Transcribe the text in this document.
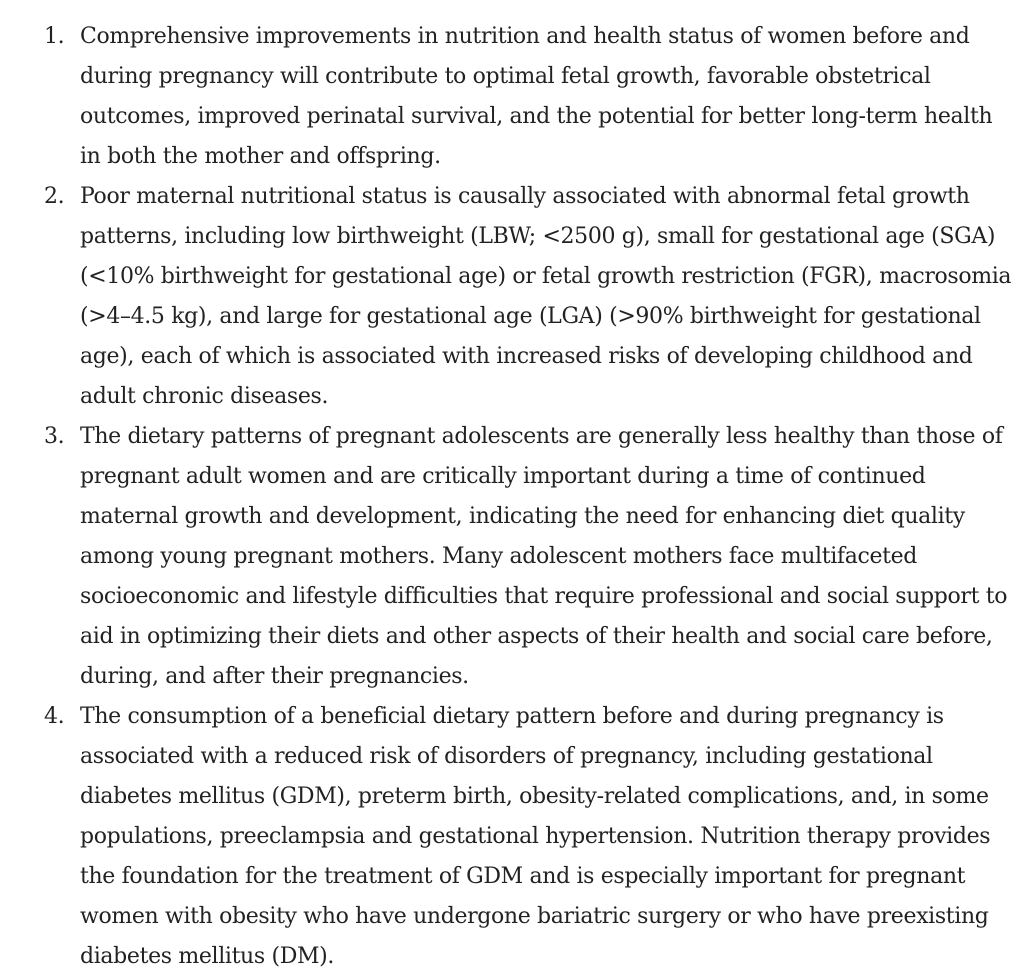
1. Comprehensive improvements in nutrition and health status of women before and during pregnancy will contribute to optimal fetal growth, favorable obstetrical outcomes, improved perinatal survival, and the potential for better long-term health in both the mother and offspring.
2. Poor maternal nutritional status is causally associated with abnormal fetal growth patterns, including low birthweight (LBW; <2500 g), small for gestational age (SGA) (<10% birthweight for gestational age) or fetal growth restriction (FGR), macrosomia (>4–4.5 kg), and large for gestational age (LGA) (>90% birthweight for gestational age), each of which is associated with increased risks of developing childhood and adult chronic diseases.
3. The dietary patterns of pregnant adolescents are generally less healthy than those of pregnant adult women and are critically important during a time of continued maternal growth and development, indicating the need for enhancing diet quality among young pregnant mothers. Many adolescent mothers face multifaceted socioeconomic and lifestyle difficulties that require professional and social support to aid in optimizing their diets and other aspects of their health and social care before, during, and after their pregnancies.
4. The consumption of a beneficial dietary pattern before and during pregnancy is associated with a reduced risk of disorders of pregnancy, including gestational diabetes mellitus (GDM), preterm birth, obesity-related complications, and, in some populations, preeclampsia and gestational hypertension. Nutrition therapy provides the foundation for the treatment of GDM and is especially important for pregnant women with obesity who have undergone bariatric surgery or who have preexisting diabetes mellitus (DM).
